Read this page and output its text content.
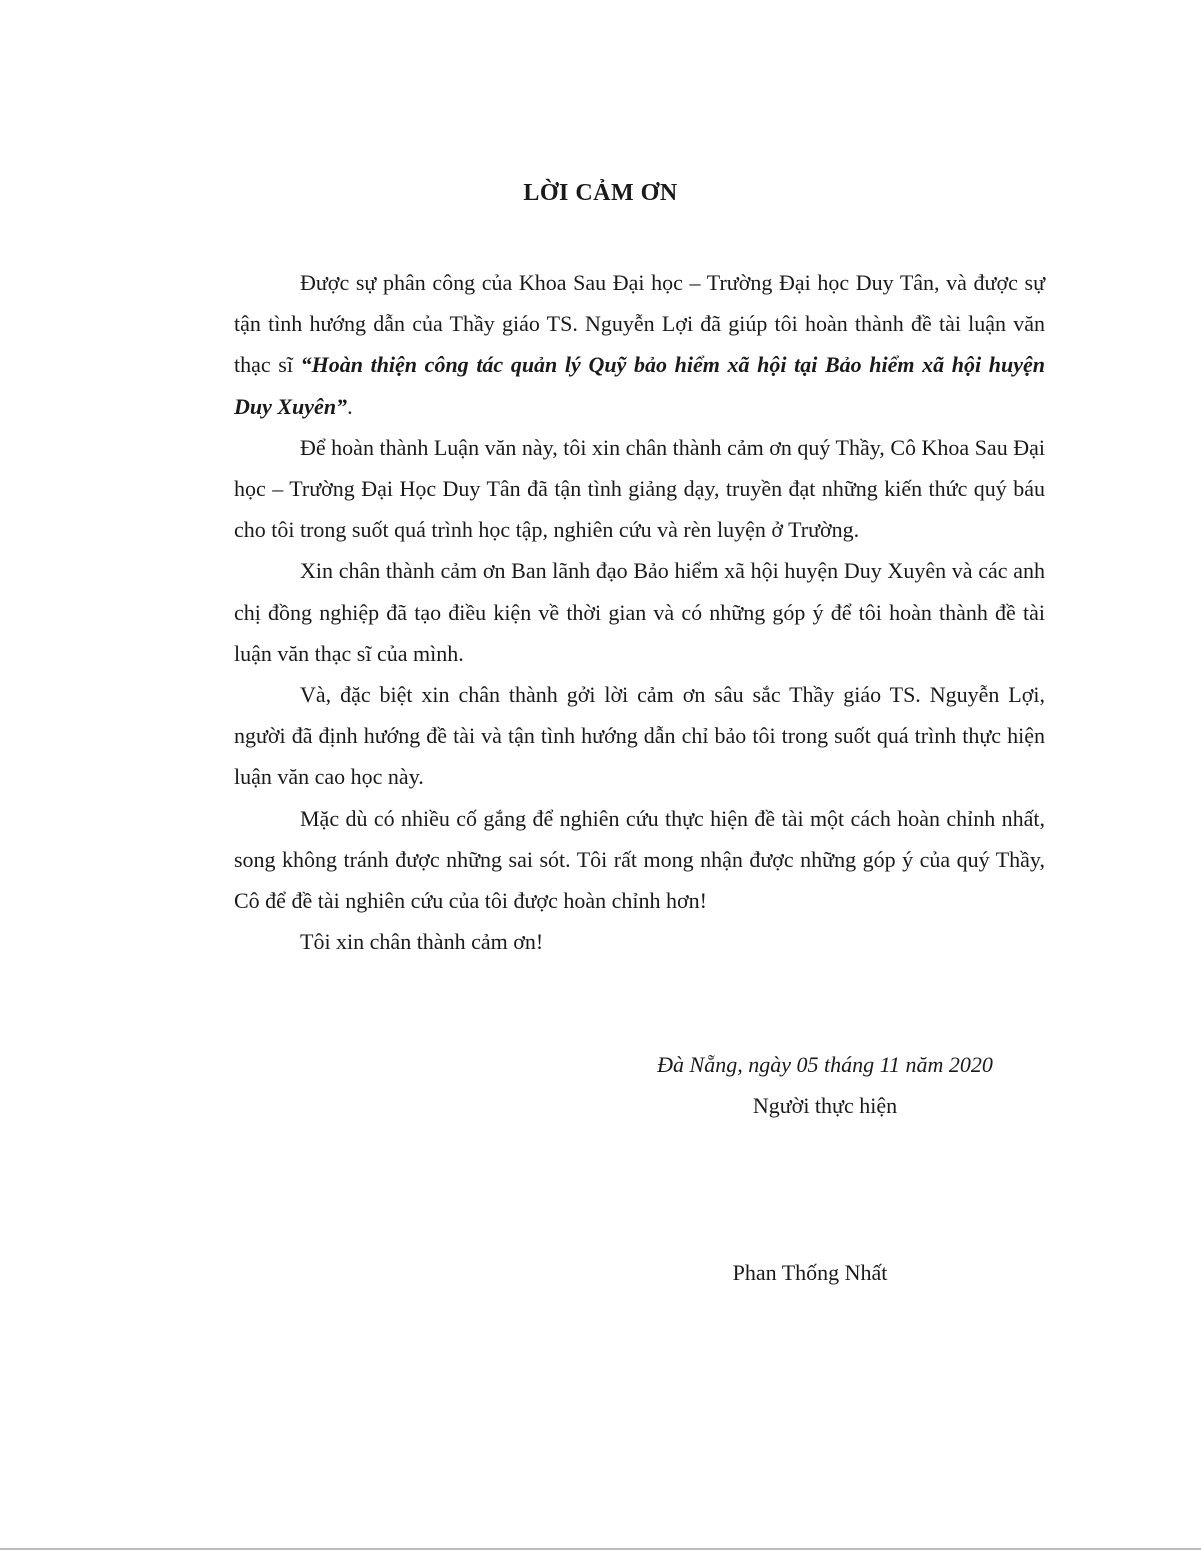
LỜI CẢM ƠN

Được sự phân công của Khoa Sau Đại học – Trường Đại học Duy Tân, và được sự tận tình hướng dẫn của Thầy giáo TS. Nguyễn Lợi đã giúp tôi hoàn thành đề tài luận văn thạc sĩ “Hoàn thiện công tác quản lý Quỹ bảo hiểm xã hội tại Bảo hiểm xã hội huyện Duy Xuyên”.

Để hoàn thành Luận văn này, tôi xin chân thành cảm ơn quý Thầy, Cô Khoa Sau Đại học – Trường Đại Học Duy Tân đã tận tình giảng dạy, truyền đạt những kiến thức quý báu cho tôi trong suốt quá trình học tập, nghiên cứu và rèn luyện ở Trường.

Xin chân thành cảm ơn Ban lãnh đạo Bảo hiểm xã hội huyện Duy Xuyên và các anh chị đồng nghiệp đã tạo điều kiện về thời gian và có những góp ý để tôi hoàn thành đề tài luận văn thạc sĩ của mình.

Và, đặc biệt xin chân thành gởi lời cảm ơn sâu sắc Thầy giáo TS. Nguyễn Lợi, người đã định hướng đề tài và tận tình hướng dẫn chỉ bảo tôi trong suốt quá trình thực hiện luận văn cao học này.

Mặc dù có nhiều cố gắng để nghiên cứu thực hiện đề tài một cách hoàn chỉnh nhất, song không tránh được những sai sót. Tôi rất mong nhận được những góp ý của quý Thầy, Cô để đề tài nghiên cứu của tôi được hoàn chỉnh hơn!

Tôi xin chân thành cảm ơn!

Đà Nẵng, ngày 05 tháng 11 năm 2020
Người thực hiện
Phan Thống Nhất
